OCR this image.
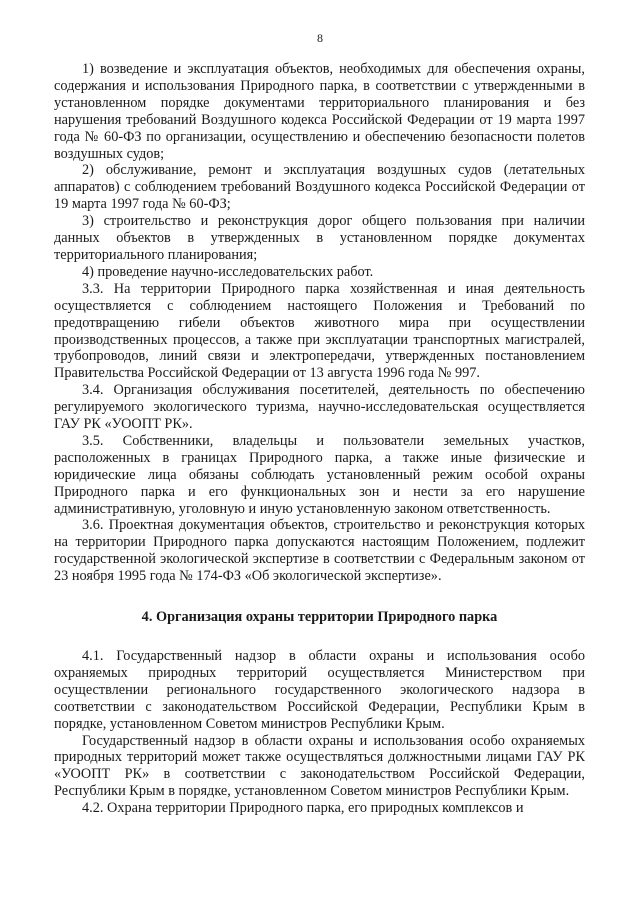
8

1) возведение и эксплуатация объектов, необходимых для обеспечения охраны, содержания и использования Природного парка, в соответствии с утвержденными в установленном порядке документами территориального планирования и без нарушения требований Воздушного кодекса Российской Федерации от 19 марта 1997 года № 60-ФЗ по организации, осуществлению и обеспечению безопасности полетов воздушных судов;

2) обслуживание, ремонт и эксплуатация воздушных судов (летательных аппаратов) с соблюдением требований Воздушного кодекса Российской Федерации от 19 марта 1997 года № 60-ФЗ;

3) строительство и реконструкция дорог общего пользования при наличии данных объектов в утвержденных в установленном порядке документах территориального планирования;

4) проведение научно-исследовательских работ.

3.3. На территории Природного парка хозяйственная и иная деятельность осуществляется с соблюдением настоящего Положения и Требований по предотвращению гибели объектов животного мира при осуществлении производственных процессов, а также при эксплуатации транспортных магистралей, трубопроводов, линий связи и электропередачи, утвержденных постановлением Правительства Российской Федерации от 13 августа 1996 года № 997.

3.4. Организация обслуживания посетителей, деятельность по обеспечению регулируемого экологического туризма, научно-исследовательская осуществляется ГАУ РК «УООПТ РК».

3.5. Собственники, владельцы и пользователи земельных участков, расположенных в границах Природного парка, а также иные физические и юридические лица обязаны соблюдать установленный режим особой охраны Природного парка и его функциональных зон и нести за его нарушение административную, уголовную и иную установленную законом ответственность.

3.6. Проектная документация объектов, строительство и реконструкция которых на территории Природного парка допускаются настоящим Положением, подлежит государственной экологической экспертизе в соответствии с Федеральным законом от 23 ноября 1995 года № 174-ФЗ «Об экологической экспертизе».

4. Организация охраны территории Природного парка

4.1. Государственный надзор в области охраны и использования особо охраняемых природных территорий осуществляется Министерством при осуществлении регионального государственного экологического надзора в соответствии с законодательством Российской Федерации, Республики Крым в порядке, установленном Советом министров Республики Крым.

Государственный надзор в области охраны и использования особо охраняемых природных территорий может также осуществляться должностными лицами ГАУ РК «УООПТ РК» в соответствии с законодательством Российской Федерации, Республики Крым в порядке, установленном Советом министров Республики Крым.

4.2. Охрана территории Природного парка, его природных комплексов и
